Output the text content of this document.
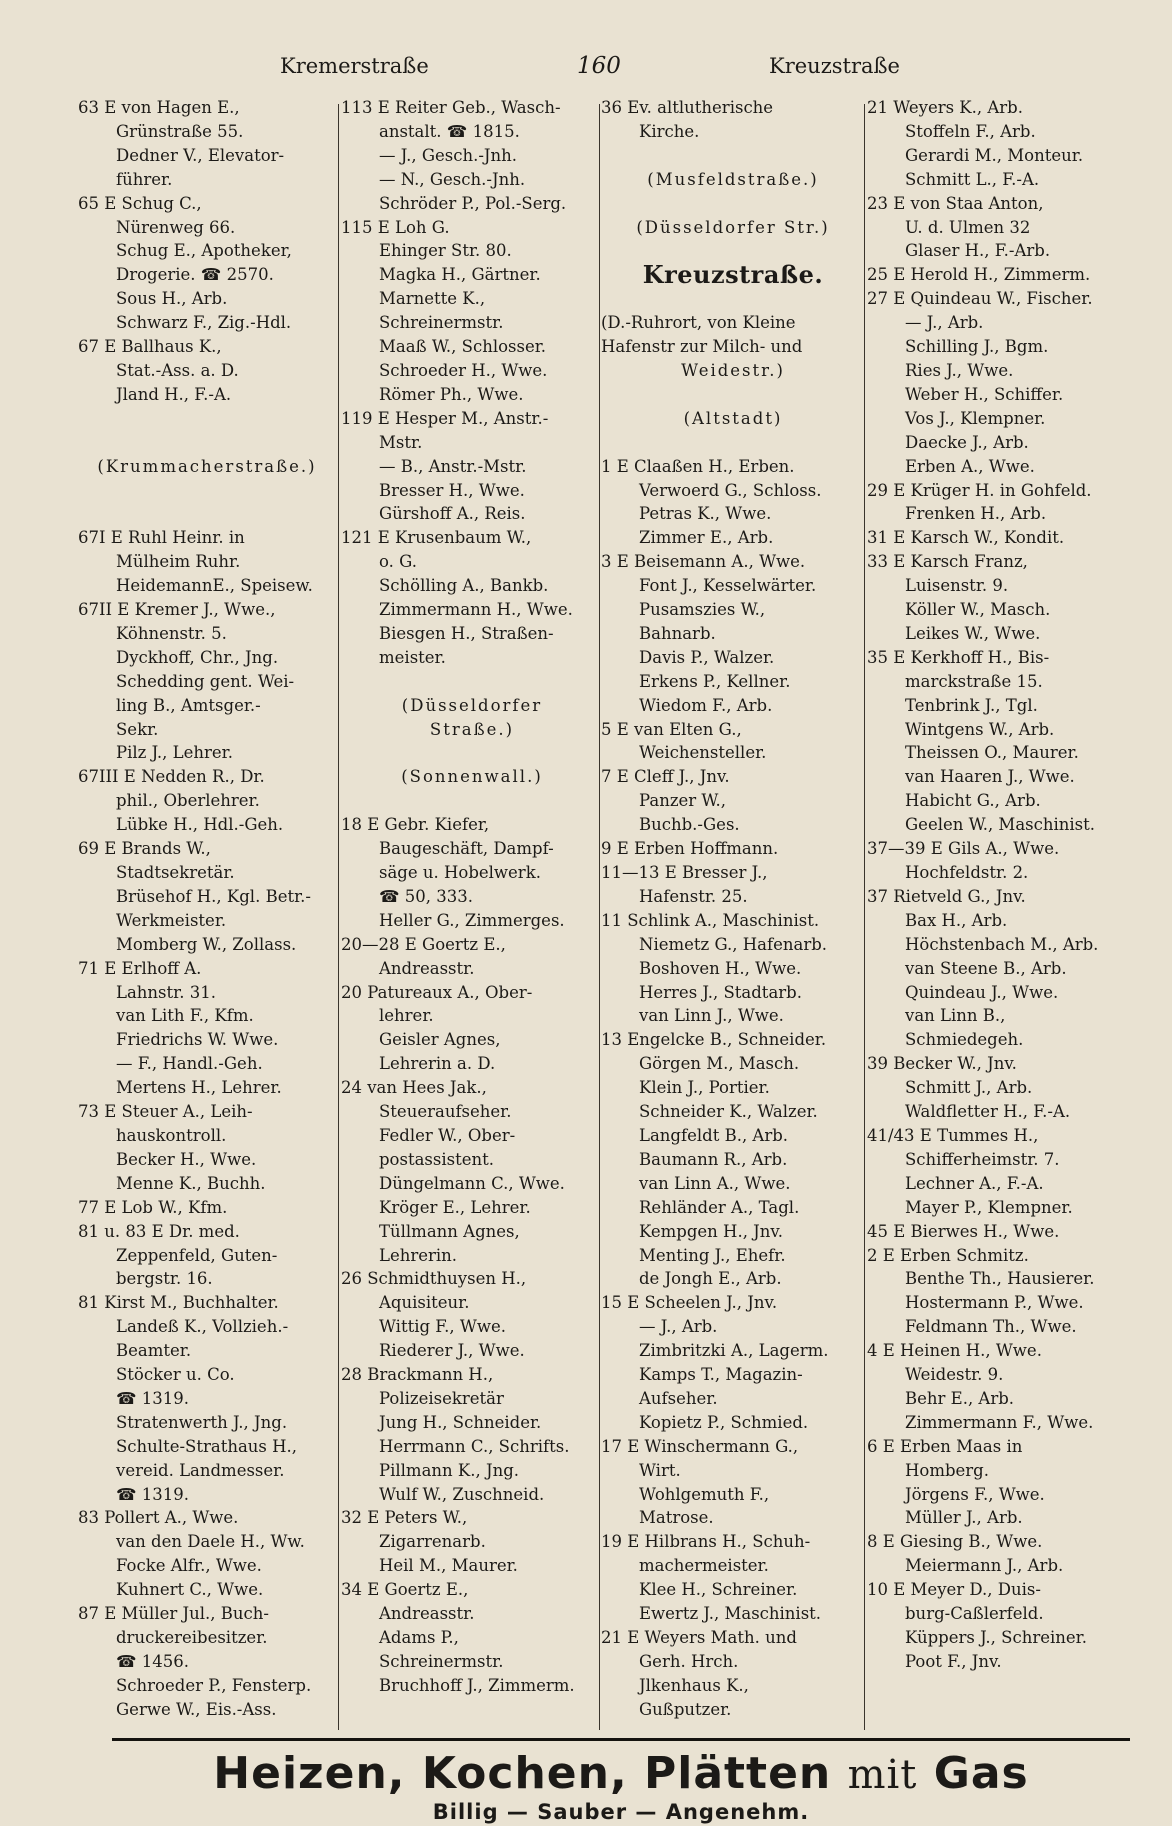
Kremerstraße	160	Kreuzstraße

63 E von Hagen E.,

Grünstraße 55.

Dedner V., Elevator-

führer.

65 E Schug C.,

Nürenweg 66.

Schug E., Apotheker,

Drogerie. ☎ 2570.

Sous H., Arb.

Schwarz F., Zig.-Hdl.

67 E Ballhaus K.,

Stat.-Ass. a. D.

Jland H., F.-A.

(Krummacherstraße.)

67I E Ruhl Heinr. in

Mülheim Ruhr.

HeidemannE., Speisew.

67II E Kremer J., Wwe.,

Köhnenstr. 5.

Dyckhoff, Chr., Jng.

Schedding gent. Wei-

ling B., Amtsger.-

Sekr.

Pilz J., Lehrer.

67III E Nedden R., Dr.

phil., Oberlehrer.

Lübke H., Hdl.-Geh.

69 E Brands W.,

Stadtsekretär.

Brüsehof H., Kgl. Betr.-

Werkmeister.

Momberg W., Zollass.

71 E Erlhoff A.

Lahnstr. 31.

van Lith F., Kfm.

Friedrichs W. Wwe.

— F., Handl.-Geh.

Mertens H., Lehrer.

73 E Steuer A., Leih-

hauskontroll.

Becker H., Wwe.

Menne K., Buchh.

77 E Lob W., Kfm.

81 u. 83 E Dr. med.

Zeppenfeld, Guten-

bergstr. 16.

81 Kirst M., Buchhalter.

Landeß K., Vollzieh.-

Beamter.

Stöcker u. Co.

☎ 1319.

Stratenwerth J., Jng.

Schulte-Strathaus H.,

vereid. Landmesser.

☎ 1319.

83 Pollert A., Wwe.

van den Daele H., Ww.

Focke Alfr., Wwe.

Kuhnert C., Wwe.

87 E Müller Jul., Buch-

druckereibesitzer.

☎ 1456.

Schroeder P., Fensterp.

Gerwe W., Eis.-Ass.

113 E Reiter Geb., Wasch-

anstalt. ☎ 1815.

— J., Gesch.-Jnh.

— N., Gesch.-Jnh.

Schröder P., Pol.-Serg.

115 E Loh G.

Ehinger Str. 80.

Magka H., Gärtner.

Marnette K.,

Schreinermstr.

Maaß W., Schlosser.

Schroeder H., Wwe.

Römer Ph., Wwe.

119 E Hesper M., Anstr.-

Mstr.

— B., Anstr.-Mstr.

Bresser H., Wwe.

Gürshoff A., Reis.

121 E Krusenbaum W.,

o. G.

Schölling A., Bankb.

Zimmermann H., Wwe.

Biesgen H., Straßen-

meister.

(Düsseldorfer

Straße.)

(Sonnenwall.)

18 E Gebr. Kiefer,

Baugeschäft, Dampf-

säge u. Hobelwerk.

☎ 50, 333.

Heller G., Zimmerges.

20—28 E Goertz E.,

Andreasstr.

20 Patureaux A., Ober-

lehrer.

Geisler Agnes,

Lehrerin a. D.

24 van Hees Jak.,

Steueraufseher.

Fedler W., Ober-

postassistent.

Düngelmann C., Wwe.

Kröger E., Lehrer.

Tüllmann Agnes,

Lehrerin.

26 Schmidthuysen H.,

Aquisiteur.

Wittig F., Wwe.

Riederer J., Wwe.

28 Brackmann H.,

Polizeisekretär

Jung H., Schneider.

Herrmann C., Schrifts.

Pillmann K., Jng.

Wulf W., Zuschneid.

32 E Peters W.,

Zigarrenarb.

Heil M., Maurer.

34 E Goertz E.,

Andreasstr.

Adams P.,

Schreinermstr.

Bruchhoff J., Zimmerm.

36 Ev. altlutherische

Kirche.

(Musfeldstraße.)

(Düsseldorfer Str.)

Kreuzstraße.

(D.-Ruhrort, von Kleine

Hafenstr zur Milch- und

Weidestr.)

(Altstadt)

1 E Claaßen H., Erben.

Verwoerd G., Schloss.

Petras K., Wwe.

Zimmer E., Arb.

3 E Beisemann A., Wwe.

Font J., Kesselwärter.

Pusamszies W.,

Bahnarb.

Davis P., Walzer.

Erkens P., Kellner.

Wiedom F., Arb.

5 E van Elten G.,

Weichensteller.

7 E Cleff J., Jnv.

Panzer W.,

Buchb.-Ges.

9 E Erben Hoffmann.

11—13 E Bresser J.,

Hafenstr. 25.

11 Schlink A., Maschinist.

Niemetz G., Hafenarb.

Boshoven H., Wwe.

Herres J., Stadtarb.

van Linn J., Wwe.

13 Engelcke B., Schneider.

Görgen M., Masch.

Klein J., Portier.

Schneider K., Walzer.

Langfeldt B., Arb.

Baumann R., Arb.

van Linn A., Wwe.

Rehländer A., Tagl.

Kempgen H., Jnv.

Menting J., Ehefr.

de Jongh E., Arb.

15 E Scheelen J., Jnv.

— J., Arb.

Zimbritzki A., Lagerm.

Kamps T., Magazin-

Aufseher.

Kopietz P., Schmied.

17 E Winschermann G.,

Wirt.

Wohlgemuth F.,

Matrose.

19 E Hilbrans H., Schuh-

machermeister.

Klee H., Schreiner.

Ewertz J., Maschinist.

21 E Weyers Math. und

Gerh. Hrch.

Jlkenhaus K.,

Gußputzer.

21 Weyers K., Arb.

Stoffeln F., Arb.

Gerardi M., Monteur.

Schmitt L., F.-A.

23 E von Staa Anton,

U. d. Ulmen 32

Glaser H., F.-Arb.

25 E Herold H., Zimmerm.

27 E Quindeau W., Fischer.

— J., Arb.

Schilling J., Bgm.

Ries J., Wwe.

Weber H., Schiffer.

Vos J., Klempner.

Daecke J., Arb.

Erben A., Wwe.

29 E Krüger H. in Gohfeld.

Frenken H., Arb.

31 E Karsch W., Kondit.

33 E Karsch Franz,

Luisenstr. 9.

Köller W., Masch.

Leikes W., Wwe.

35 E Kerkhoff H., Bis-

marckstraße 15.

Tenbrink J., Tgl.

Wintgens W., Arb.

Theissen O., Maurer.

van Haaren J., Wwe.

Habicht G., Arb.

Geelen W., Maschinist.

37—39 E Gils A., Wwe.

Hochfeldstr. 2.

37 Rietveld G., Jnv.

Bax H., Arb.

Höchstenbach M., Arb.

van Steene B., Arb.

Quindeau J., Wwe.

van Linn B.,

Schmiedegeh.

39 Becker W., Jnv.

Schmitt J., Arb.

Waldfletter H., F.-A.

41/43 E Tummes H.,

Schifferheimstr. 7.

Lechner A., F.-A.

Mayer P., Klempner.

45 E Bierwes H., Wwe.

2 E Erben Schmitz.

Benthe Th., Hausierer.

Hostermann P., Wwe.

Feldmann Th., Wwe.

4 E Heinen H., Wwe.

Weidestr. 9.

Behr E., Arb.

Zimmermann F., Wwe.

6 E Erben Maas in

Homberg.

Jörgens F., Wwe.

Müller J., Arb.

8 E Giesing B., Wwe.

Meiermann J., Arb.

10 E Meyer D., Duis-

burg-Caßlerfeld.

Küppers J., Schreiner.

Poot F., Jnv.

Heizen, Kochen, Plätten mit Gas
Billig — Sauber — Angenehm.
